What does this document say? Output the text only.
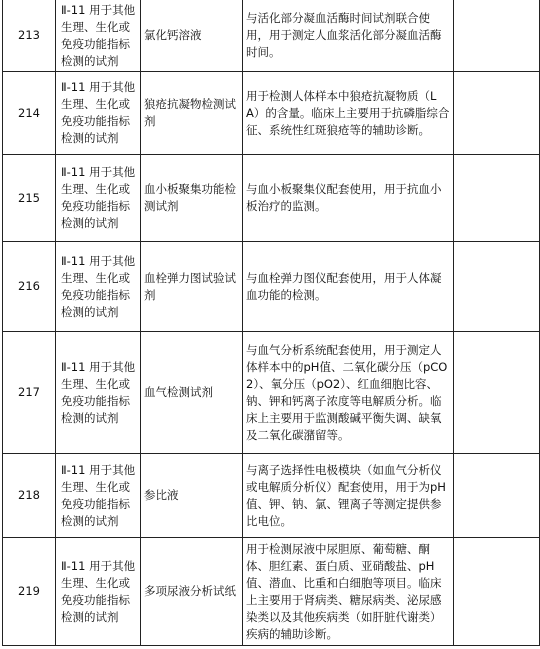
213	Ⅱ-11 用于其他生理、生化或免疫功能指标检测的试剂	氯化钙溶液	与活化部分凝血活酶时间试剂联合使用，用于测定人血浆活化部分凝血活酶时间。	
214	Ⅱ-11 用于其他生理、生化或免疫功能指标检测的试剂	狼疮抗凝物检测试剂	用于检测人体样本中狼疮抗凝物质（LA）的含量。临床上主要用于抗磷脂综合征、系统性红斑狼疮等的辅助诊断。	
215	Ⅱ-11 用于其他生理、生化或免疫功能指标检测的试剂	血小板聚集功能检测试剂	与血小板聚集仪配套使用，用于抗血小板治疗的监测。	
216	Ⅱ-11 用于其他生理、生化或免疫功能指标检测的试剂	血栓弹力图试验试剂	与血栓弹力图仪配套使用，用于人体凝血功能的检测。	
217	Ⅱ-11 用于其他生理、生化或免疫功能指标检测的试剂	血气检测试剂	与血气分析系统配套使用，用于测定人体样本中的pH值、二氧化碳分压（pCO2）、氧分压（pO2）、红血细胞比容、钠、钾和钙离子浓度等电解质分析。临床上主要用于监测酸碱平衡失调、缺氧及二氧化碳潴留等。	
218	Ⅱ-11 用于其他生理、生化或免疫功能指标检测的试剂	参比液	与离子选择性电极模块（如血气分析仪或电解质分析仪）配套使用，用于为pH值、钾、钠、氯、锂离子等测定提供参比电位。	
219	Ⅱ-11 用于其他生理、生化或免疫功能指标检测的试剂	多项尿液分析试纸	用于检测尿液中尿胆原、葡萄糖、酮体、胆红素、蛋白质、亚硝酸盐、pH值、潜血、比重和白细胞等项目。临床上主要用于肾病类、糖尿病类、泌尿感染类以及其他疾病类（如肝脏代谢类）疾病的辅助诊断。	
